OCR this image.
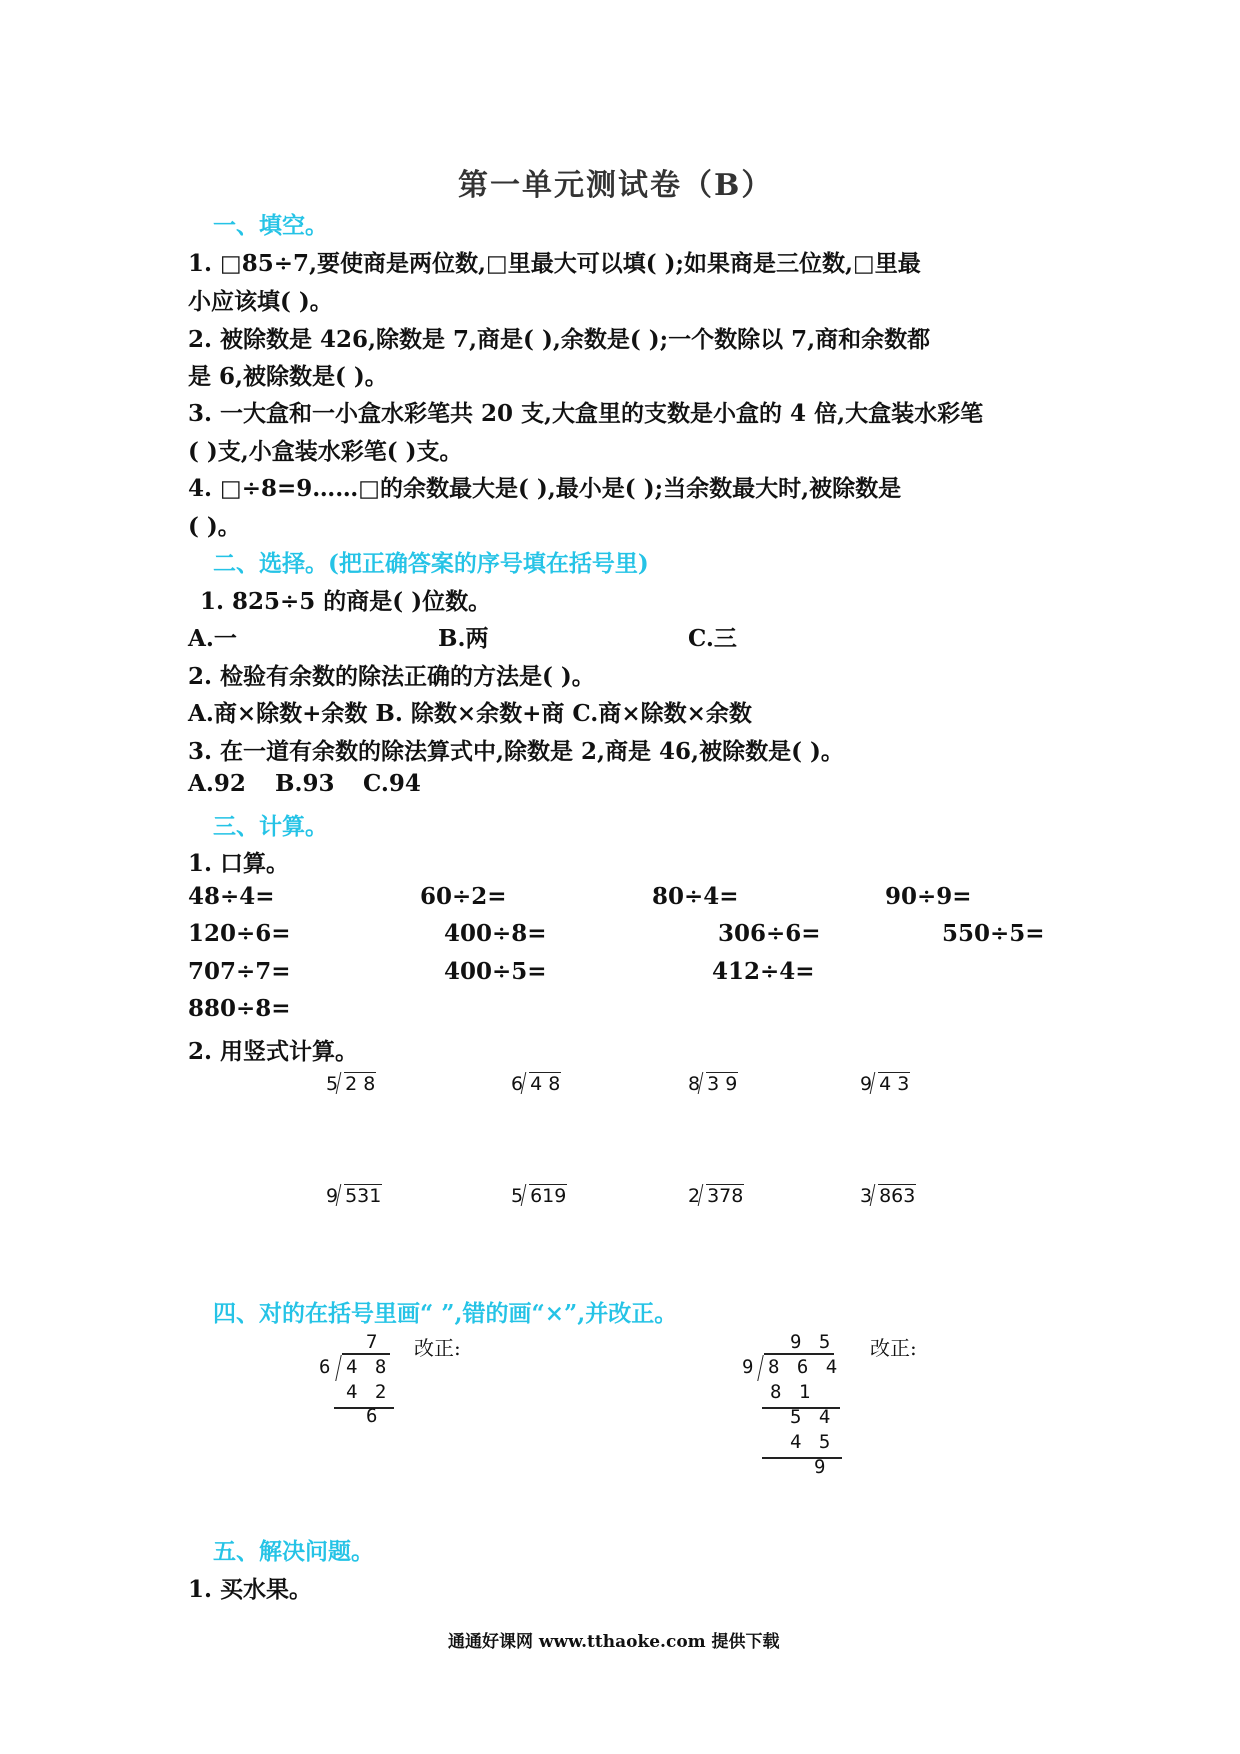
第一单元测试卷（B）
一、填空。
1. □85÷7,要使商是两位数,□里最大可以填( );如果商是三位数,□里最
小应该填( )。
2. 被除数是 426,除数是 7,商是( ),余数是( );一个数除以 7,商和余数都
是 6,被除数是( )。
3. 一大盒和一小盒水彩笔共 20 支,大盒里的支数是小盒的 4 倍,大盒装水彩笔
( )支,小盒装水彩笔( )支。
4. □÷8=9……□的余数最大是( ),最小是( );当余数最大时,被除数是
( )。
二、选择。(把正确答案的序号填在括号里)
1. 825÷5 的商是( )位数。
A.一	B.两	C.三
2. 检验有余数的除法正确的方法是( )。
A.商×除数+余数 B. 除数×余数+商 C.商×除数×余数
3. 在一道有余数的除法算式中,除数是 2,商是 46,被除数是( )。
A.92 B.93 C.94
三、计算。
1. 口算。
48÷4=	60÷2=	80÷4=	90÷9=
120÷6=	400÷8=	306÷6=	550÷5=
707÷7=	400÷5=	412÷4=
880÷8=
2. 用竖式计算。
5 2 8	6 4 8	8 3 9	9 4 3
9 531	5 619	2 378	3 863
四、对的在括号里画“ ”,错的画“×”,并改正。
7
6 4 8
4 2
6
改正:	9 5
9 8 6 4
8 1
5 4
4 5
9
改正:
五、解决问题。
1. 买水果。
通通好课网 www.tthaoke.com 提供下载
